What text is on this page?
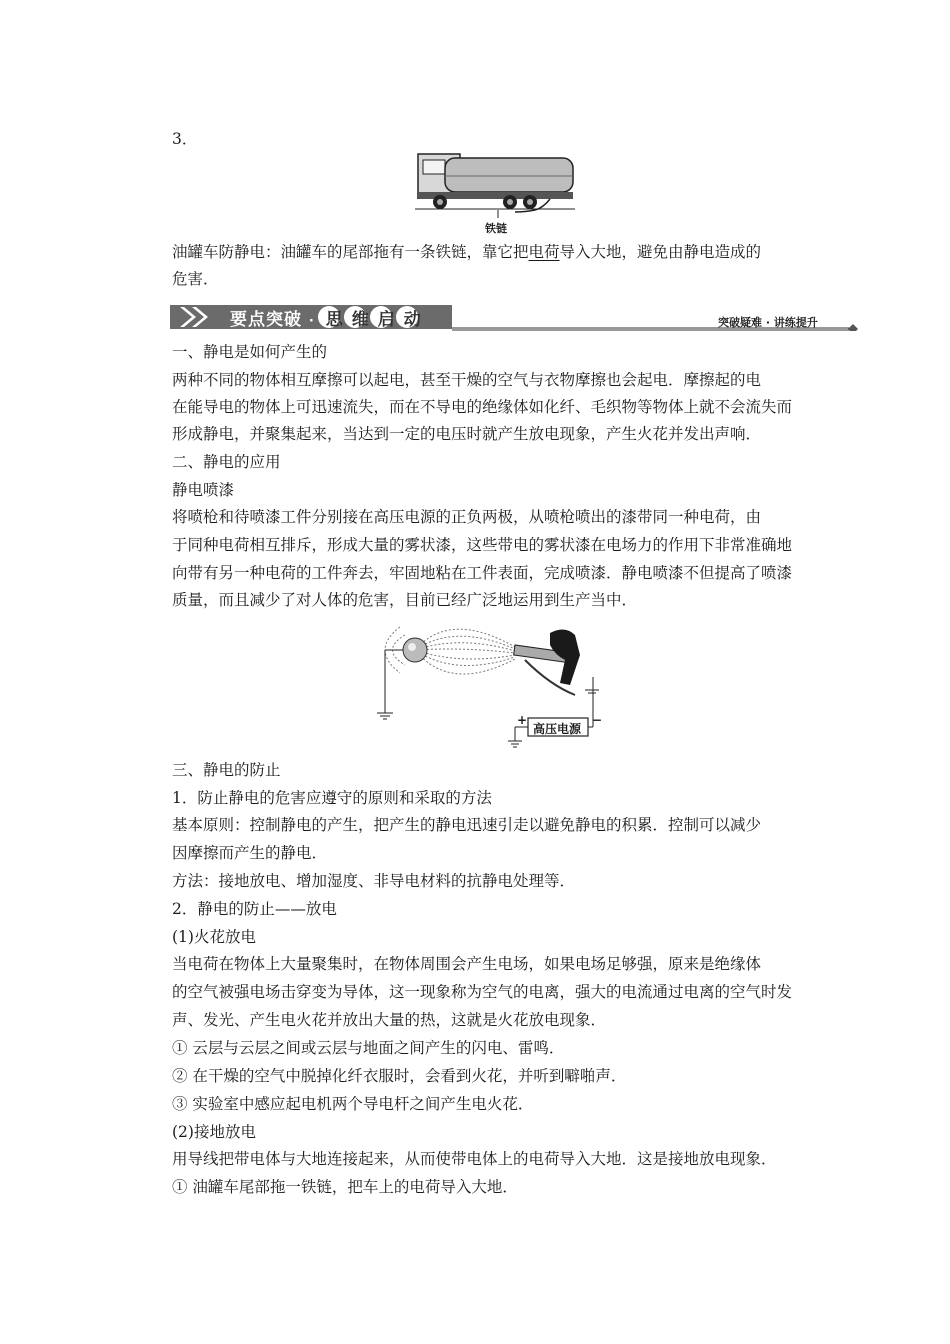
3．
铁链
油罐车防静电：油罐车的尾部拖有一条铁链，靠它把电荷导入大地，避免由静电造成的
危害．
要点突破 · 思 维 启 动	突破疑难 · 讲练提升
一、静电是如何产生的
两种不同的物体相互摩擦可以起电，甚至干燥的空气与衣物摩擦也会起电．摩擦起的电
在能导电的物体上可迅速流失，而在不导电的绝缘体如化纤、毛织物等物体上就不会流失而
形成静电，并聚集起来，当达到一定的电压时就产生放电现象，产生火花并发出声响．
二、静电的应用
静电喷漆
将喷枪和待喷漆工件分别接在高压电源的正负两极，从喷枪喷出的漆带同一种电荷，由
于同种电荷相互排斥，形成大量的雾状漆，这些带电的雾状漆在电场力的作用下非常准确地
向带有另一种电荷的工件奔去，牢固地粘在工件表面，完成喷漆．静电喷漆不但提高了喷漆
质量，而且减少了对人体的危害，目前已经广泛地运用到生产当中．
高压电源
+	−
三、静电的防止
1．防止静电的危害应遵守的原则和采取的方法
基本原则：控制静电的产生，把产生的静电迅速引走以避免静电的积累．控制可以减少
因摩擦而产生的静电．
方法：接地放电、增加湿度、非导电材料的抗静电处理等．
2．静电的防止——放电
(1)火花放电
当电荷在物体上大量聚集时，在物体周围会产生电场，如果电场足够强，原来是绝缘体
的空气被强电场击穿变为导体，这一现象称为空气的电离，强大的电流通过电离的空气时发
声、发光、产生电火花并放出大量的热，这就是火花放电现象．
① 云层与云层之间或云层与地面之间产生的闪电、雷鸣．
② 在干燥的空气中脱掉化纤衣服时，会看到火花，并听到噼啪声．
③ 实验室中感应起电机两个导电杆之间产生电火花．
(2)接地放电
用导线把带电体与大地连接起来，从而使带电体上的电荷导入大地．这是接地放电现象．
① 油罐车尾部拖一铁链，把车上的电荷导入大地．
